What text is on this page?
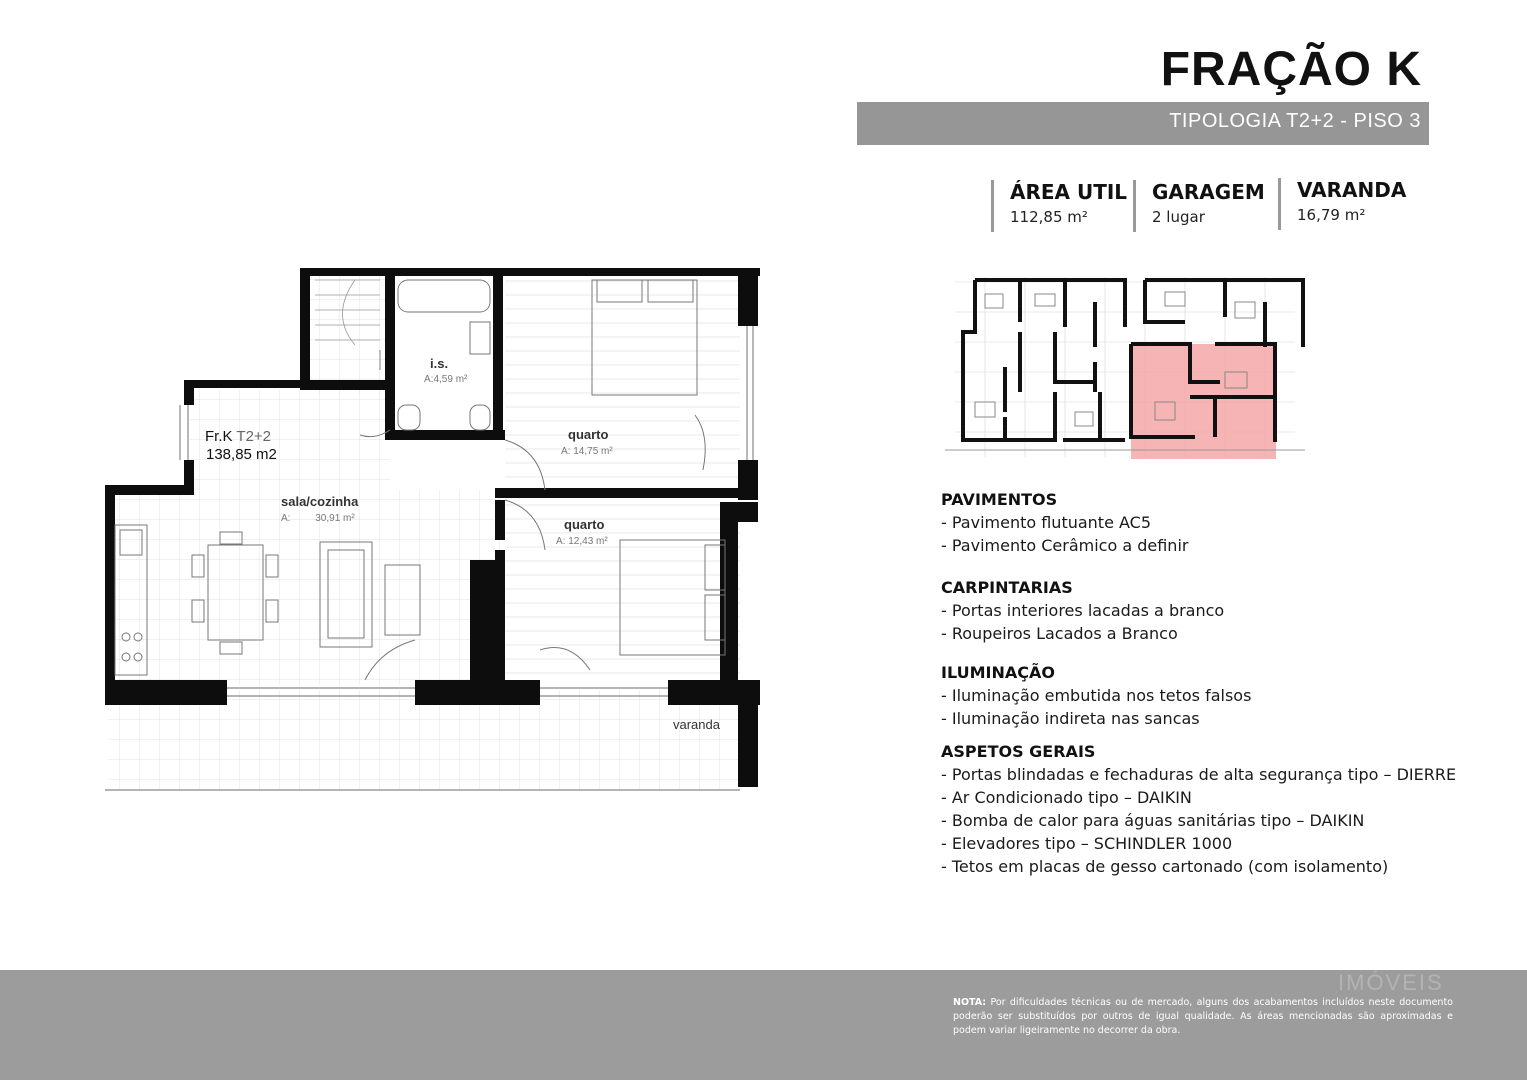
FRAÇÃO K
TIPOLOGIA T2+2 - PISO 3
ÁREA UTIL
112,85 m²
GARAGEM
2 lugar
VARANDA
16,79 m²
PAVIMENTOS
- Pavimento flutuante AC5
- Pavimento Cerâmico a definir
CARPINTARIAS
- Portas interiores lacadas a branco
- Roupeiros Lacados a Branco
ILUMINAÇÃO
- Iluminação embutida nos tetos falsos
- Iluminação indireta nas sancas
ASPETOS GERAIS
- Portas blindadas e fechaduras de alta segurança tipo – DIERRE
- Ar Condicionado tipo – DAIKIN
- Bomba de calor para águas sanitárias tipo – DAIKIN
- Elevadores tipo – SCHINDLER 1000
- Tetos em placas de gesso cartonado (com isolamento)
Fr.K T2+2
138,85 m2
i.s.
A:4,59 m²
quarto
A: 14,75 m²
sala/cozinha
A: 30,91 m²	quarto
A: 12,43 m²
varanda
IMÓVEIS
NOTA: Por dificuldades técnicas ou de mercado, alguns dos acabamentos incluídos neste documento poderão ser substituídos por outros de igual qualidade. As áreas mencionadas são aproximadas e podem variar ligeiramente no decorrer da obra.
